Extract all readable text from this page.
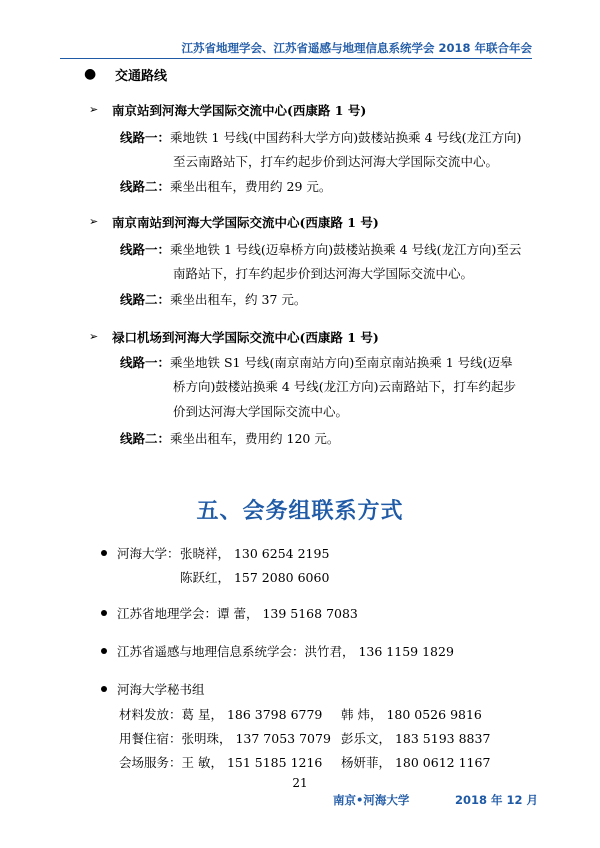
江苏省地理学会、江苏省遥感与地理信息系统学会 2018 年联合年会
● 交通路线
➢ 南京站到河海大学国际交流中心(西康路 1 号)
线路一：乘地铁 1 号线(中国药科大学方向)鼓楼站换乘 4 号线(龙江方向)
至云南路站下，打车约起步价到达河海大学国际交流中心。
线路二：乘坐出租车，费用约 29 元。
➢ 南京南站到河海大学国际交流中心(西康路 1 号)
线路一：乘坐地铁 1 号线(迈皋桥方向)鼓楼站换乘 4 号线(龙江方向)至云
南路站下，打车约起步价到达河海大学国际交流中心。
线路二：乘坐出租车，约 37 元。
➢ 禄口机场到河海大学国际交流中心(西康路 1 号)
线路一：乘坐地铁 S1 号线(南京南站方向)至南京南站换乘 1 号线(迈皋
桥方向)鼓楼站换乘 4 号线(龙江方向)云南路站下，打车约起步
价到达河海大学国际交流中心。
线路二：乘坐出租车，费用约 120 元。
五、会务组联系方式
河海大学： 张晓祥， 130 6254 2195
陈跃红， 157 2080 6060
江苏省地理学会：谭 蕾， 139 5168 7083
江苏省遥感与地理信息系统学会：洪竹君， 136 1159 1829
河海大学秘书组
材料发放：葛 星， 186 3798 6779 韩 炜， 180 0526 9816
用餐住宿：张明珠， 137 7053 7079 彭乐文， 183 5193 8837
会场服务：王 敏， 151 5185 1216 杨妍菲， 180 0612 1167
21
南京•河海大学	2018 年 12 月
